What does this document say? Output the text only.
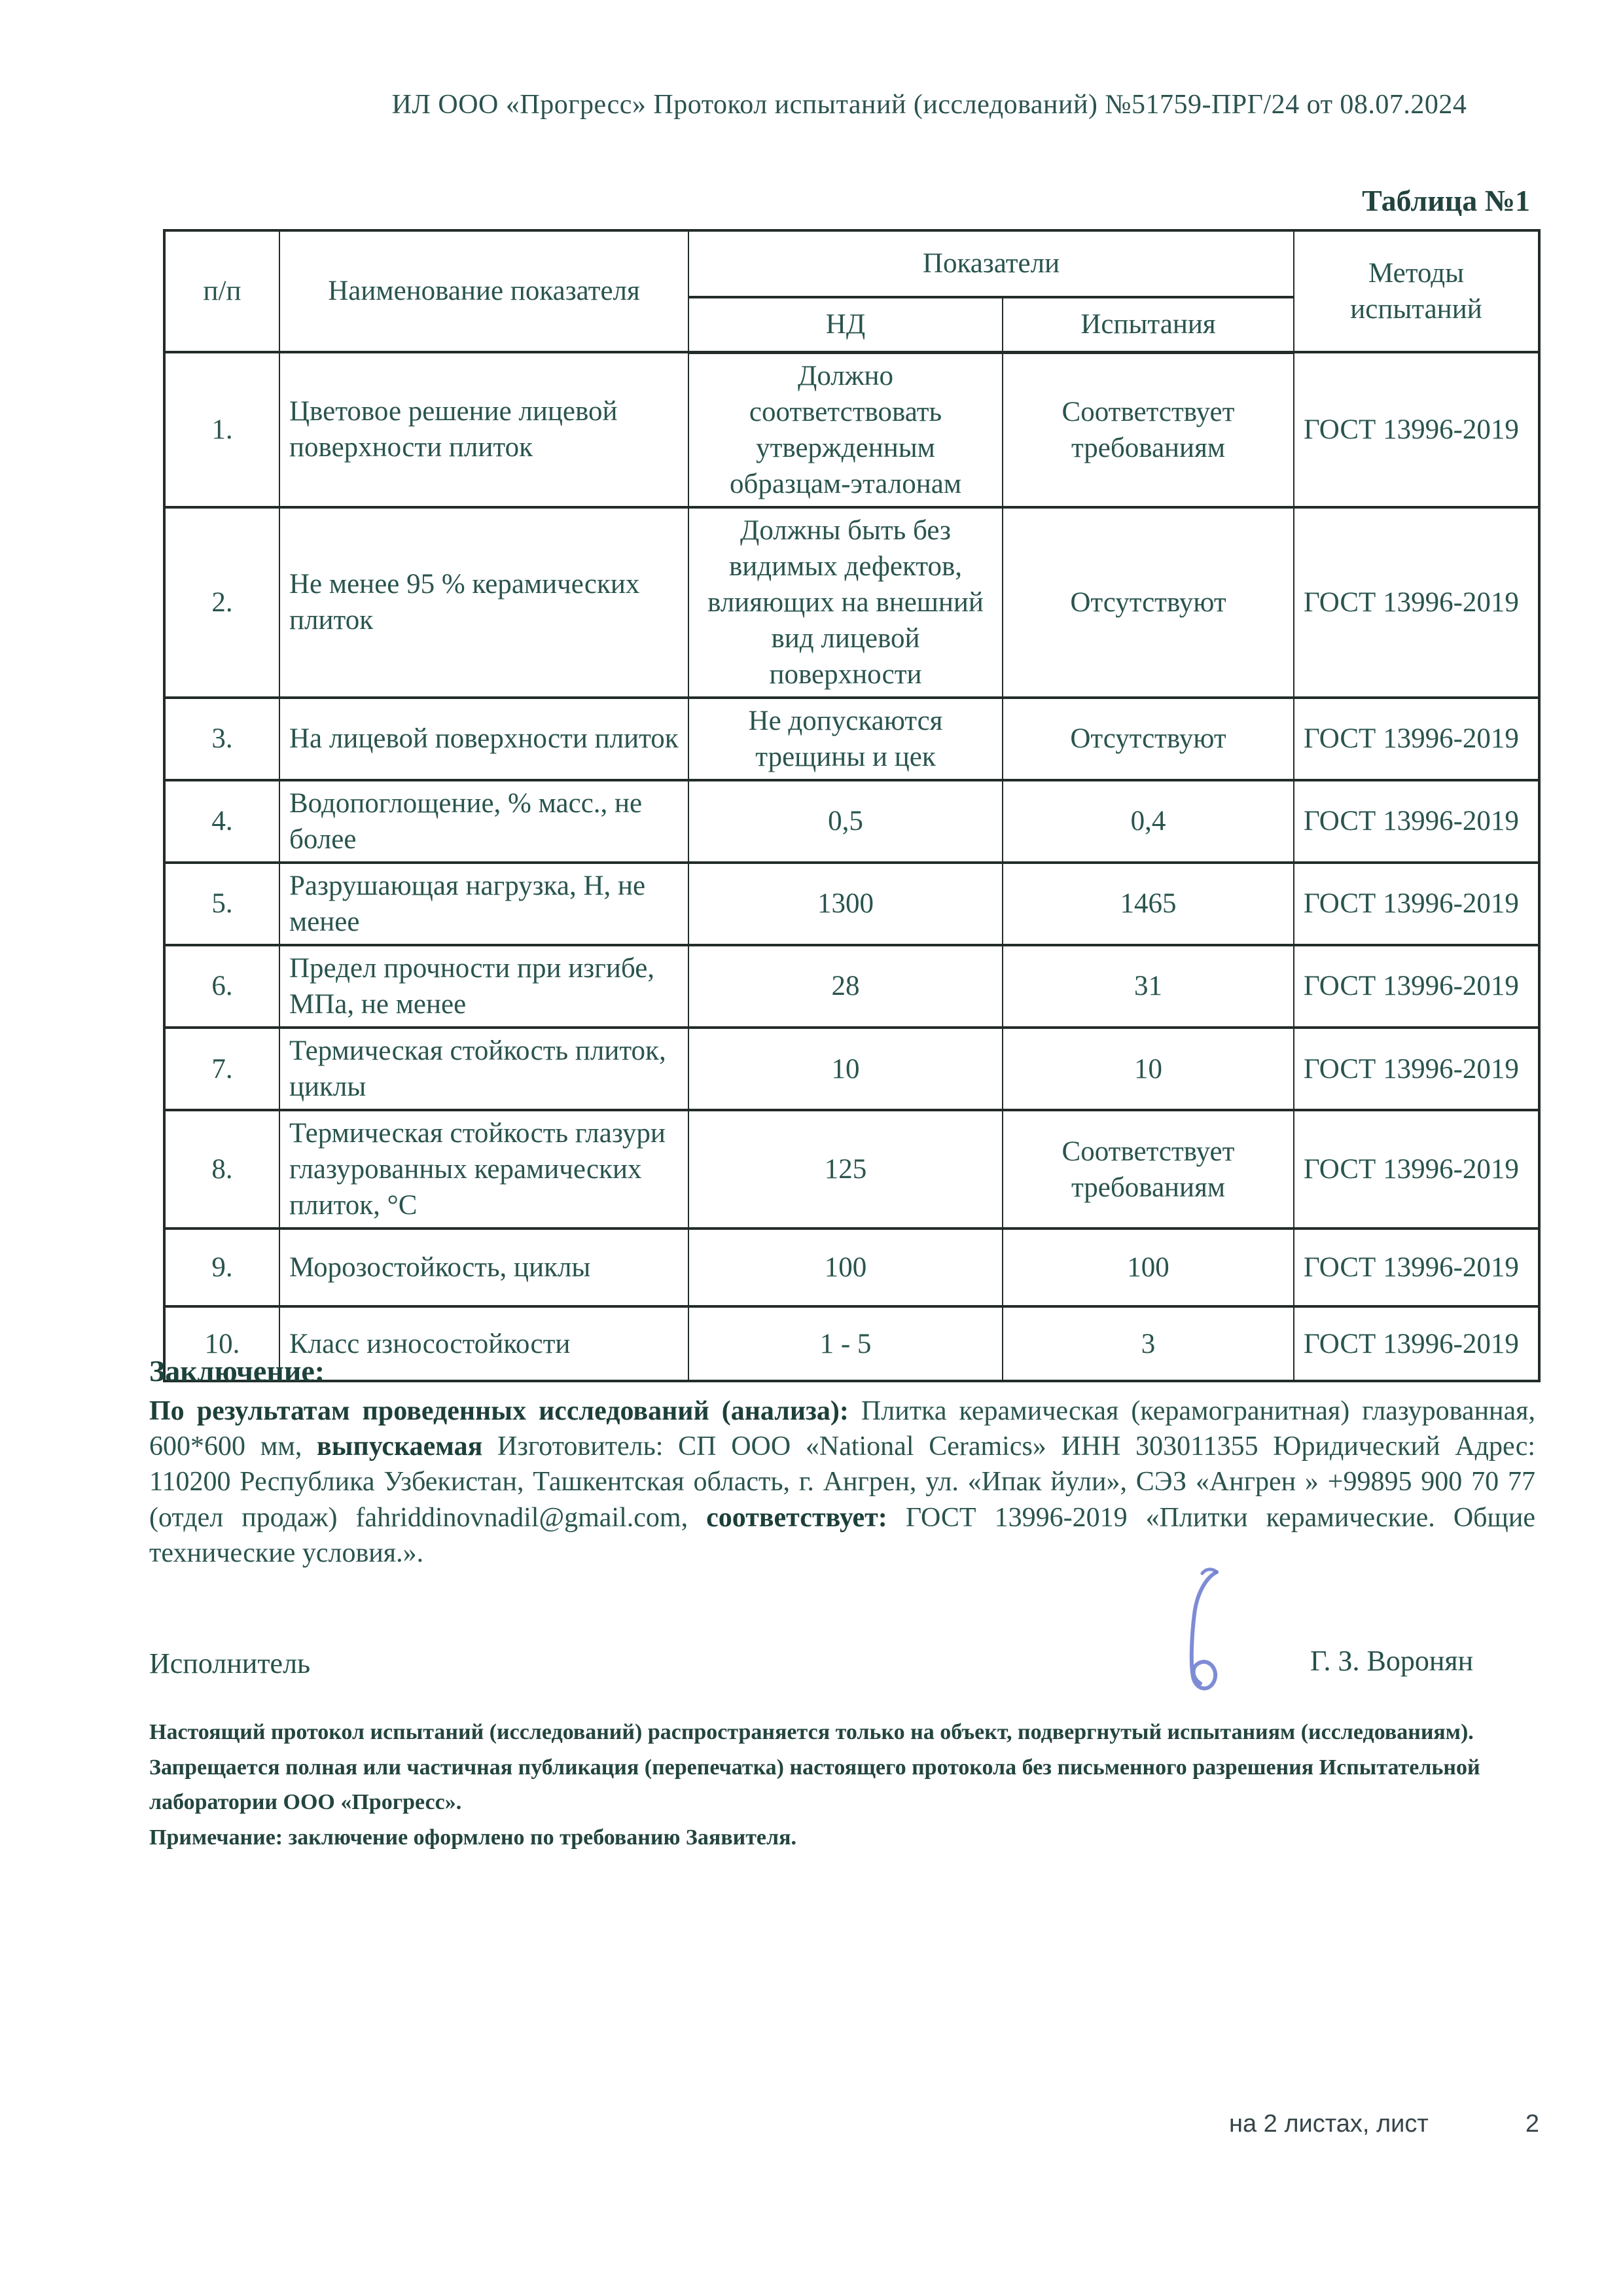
ИЛ ООО «Прогресс» Протокол испытаний (исследований) №51759-ПРГ/24 от 08.07.2024
Таблица №1
п/п	Наименование показателя	Показатели		Методы испытаний
		НД	Испытания	
1.	Цветовое решение лицевой поверхности плиток	Должно соответствовать утвержденным образцам-эталонам	Соответствует требованиям	ГОСТ 13996-2019
2.	Не менее 95 % керамических плиток	Должны быть без видимых дефектов, влияющих на внешний вид лицевой поверхности	Отсутствуют	ГОСТ 13996-2019
3.	На лицевой поверхности плиток	Не допускаются трещины и цек	Отсутствуют	ГОСТ 13996-2019
4.	Водопоглощение, % масс., не более	0,5	0,4	ГОСТ 13996-2019
5.	Разрушающая нагрузка, Н, не менее	1300	1465	ГОСТ 13996-2019
6.	Предел прочности при изгибе, МПа, не менее	28	31	ГОСТ 13996-2019
7.	Термическая стойкость плиток, циклы	10	10	ГОСТ 13996-2019
8.	Термическая стойкость глазури глазурованных керамических плиток, °С	125	Соответствует требованиям	ГОСТ 13996-2019
9.	Морозостойкость, циклы	100	100	ГОСТ 13996-2019
10.	Класс износостойкости	1 - 5	3	ГОСТ 13996-2019
Заключение:

По результатам проведенных исследований (анализа): Плитка керамическая (керамогранитная) глазурованная, 600*600 мм, выпускаемая Изготовитель: СП ООО «National Ceramics» ИНН 303011355 Юридический Адрес: 110200 Республика Узбекистан, Ташкентская область, г. Ангрен, ул. «Ипак йули», СЭЗ «Ангрен » +99895 900 70 77 (отдел продаж) fahriddinovnadil@gmail.com, соответствует: ГОСТ 13996-2019 «Плитки керамические. Общие технические условия.».

Исполнитель	Г. З. Воронян
Настоящий протокол испытаний (исследований) распространяется только на объект, подвергнутый испытаниям (исследованиям).
Запрещается полная или частичная публикация (перепечатка) настоящего протокола без письменного разрешения Испытательной
лаборатории ООО «Прогресс».
Примечание: заключение оформлено по требованию Заявителя.
на 2 листах, лист	2
